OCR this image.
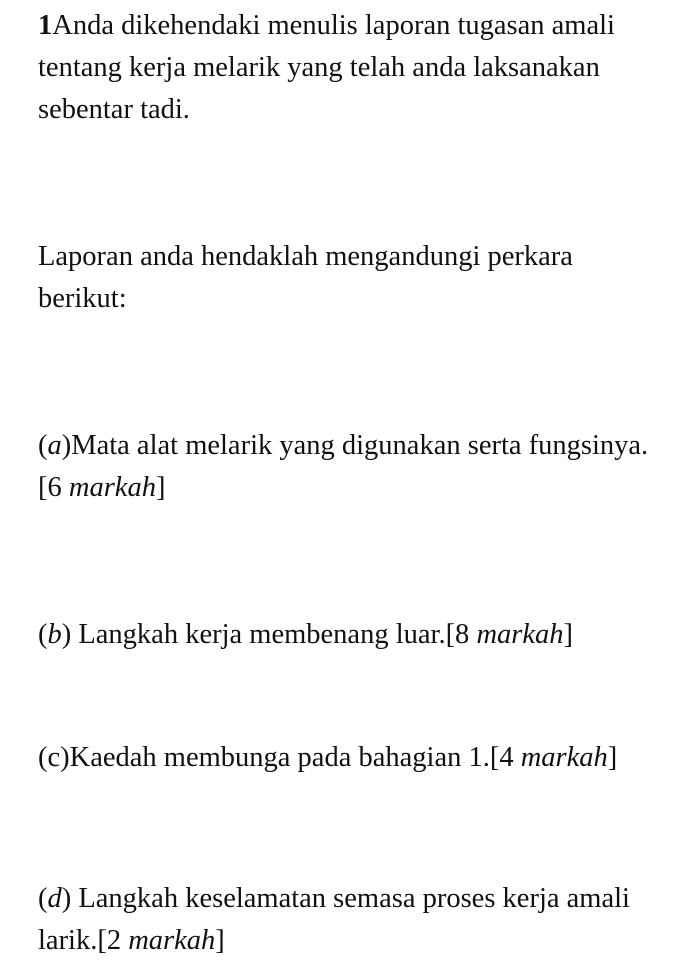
1Anda dikehendaki menulis laporan tugasan amali tentang kerja melarik yang telah anda laksanakan sebentar tadi.

Laporan anda hendaklah mengandungi perkara berikut:

(a)Mata alat melarik yang digunakan serta fungsinya.[6 markah]

(b) Langkah kerja membenang luar.[8 markah]

(c)Kaedah membunga pada bahagian 1.[4 markah]

(d) Langkah keselamatan semasa proses kerja amali larik.[2 markah]
